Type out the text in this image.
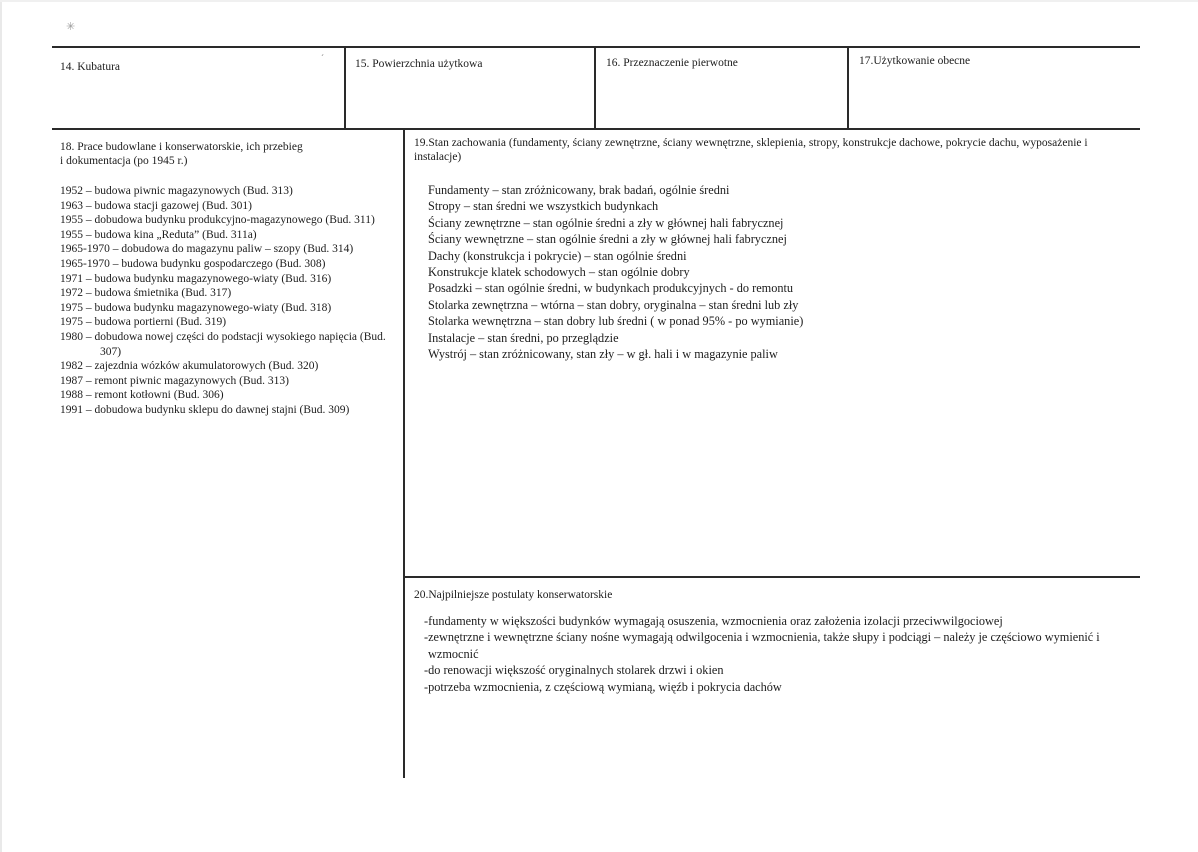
✳
ˊ
14. Kubatura	15. Powierzchnia użytkowa	16. Przeznaczenie pierwotne	17.Użytkowanie obecne
18. Prace budowlane i konserwatorskie, ich przebieg
i dokumentacja (po 1945 r.)
1952 – budowa piwnic magazynowych (Bud. 313)
1963 – budowa stacji gazowej (Bud. 301)
1955 – dobudowa budynku produkcyjno-magazynowego (Bud. 311)
1955 – budowa kina „Reduta” (Bud. 311a)
1965-1970 – dobudowa do magazynu paliw – szopy (Bud. 314)
1965-1970 – budowa budynku gospodarczego (Bud. 308)
1971 – budowa budynku magazynowego-wiaty (Bud. 316)
1972 – budowa śmietnika (Bud. 317)
1975 – budowa budynku magazynowego-wiaty (Bud. 318)
1975 – budowa portierni (Bud. 319)
1980 – dobudowa nowej części do podstacji wysokiego napięcia (Bud. 307)
1982 – zajezdnia wózków akumulatorowych (Bud. 320)
1987 – remont piwnic magazynowych (Bud. 313)
1988 – remont kotłowni (Bud. 306)
1991 – dobudowa budynku sklepu do dawnej stajni (Bud. 309)
19.Stan zachowania (fundamenty, ściany zewnętrzne, ściany wewnętrzne, sklepienia, stropy, konstrukcje dachowe, pokrycie dachu, wyposażenie i instalacje)
Fundamenty – stan zróżnicowany, brak badań, ogólnie średni
Stropy – stan średni we wszystkich budynkach
Ściany zewnętrzne – stan ogólnie średni a zły w głównej hali fabrycznej
Ściany wewnętrzne – stan ogólnie średni a zły w głównej hali fabrycznej
Dachy (konstrukcja i pokrycie) – stan ogólnie średni
Konstrukcje klatek schodowych – stan ogólnie dobry
Posadzki – stan ogólnie średni, w budynkach produkcyjnych - do remontu
Stolarka zewnętrzna – wtórna – stan dobry, oryginalna – stan średni lub zły
Stolarka wewnętrzna – stan dobry lub średni ( w ponad 95% - po wymianie)
Instalacje – stan średni, po przeglądzie
Wystrój – stan zróżnicowany, stan zły – w gł. hali i w magazynie paliw
20.Najpilniejsze postulaty konserwatorskie
-fundamenty w większości budynków wymagają osuszenia, wzmocnienia oraz założenia izolacji przeciwwilgociowej
-zewnętrzne i wewnętrzne ściany nośne wymagają odwilgocenia i wzmocnienia, także słupy i podciągi – należy je częściowo wymienić i wzmocnić
-do renowacji większość oryginalnych stolarek drzwi i okien
-potrzeba wzmocnienia, z częściową wymianą, więźb i pokrycia dachów
